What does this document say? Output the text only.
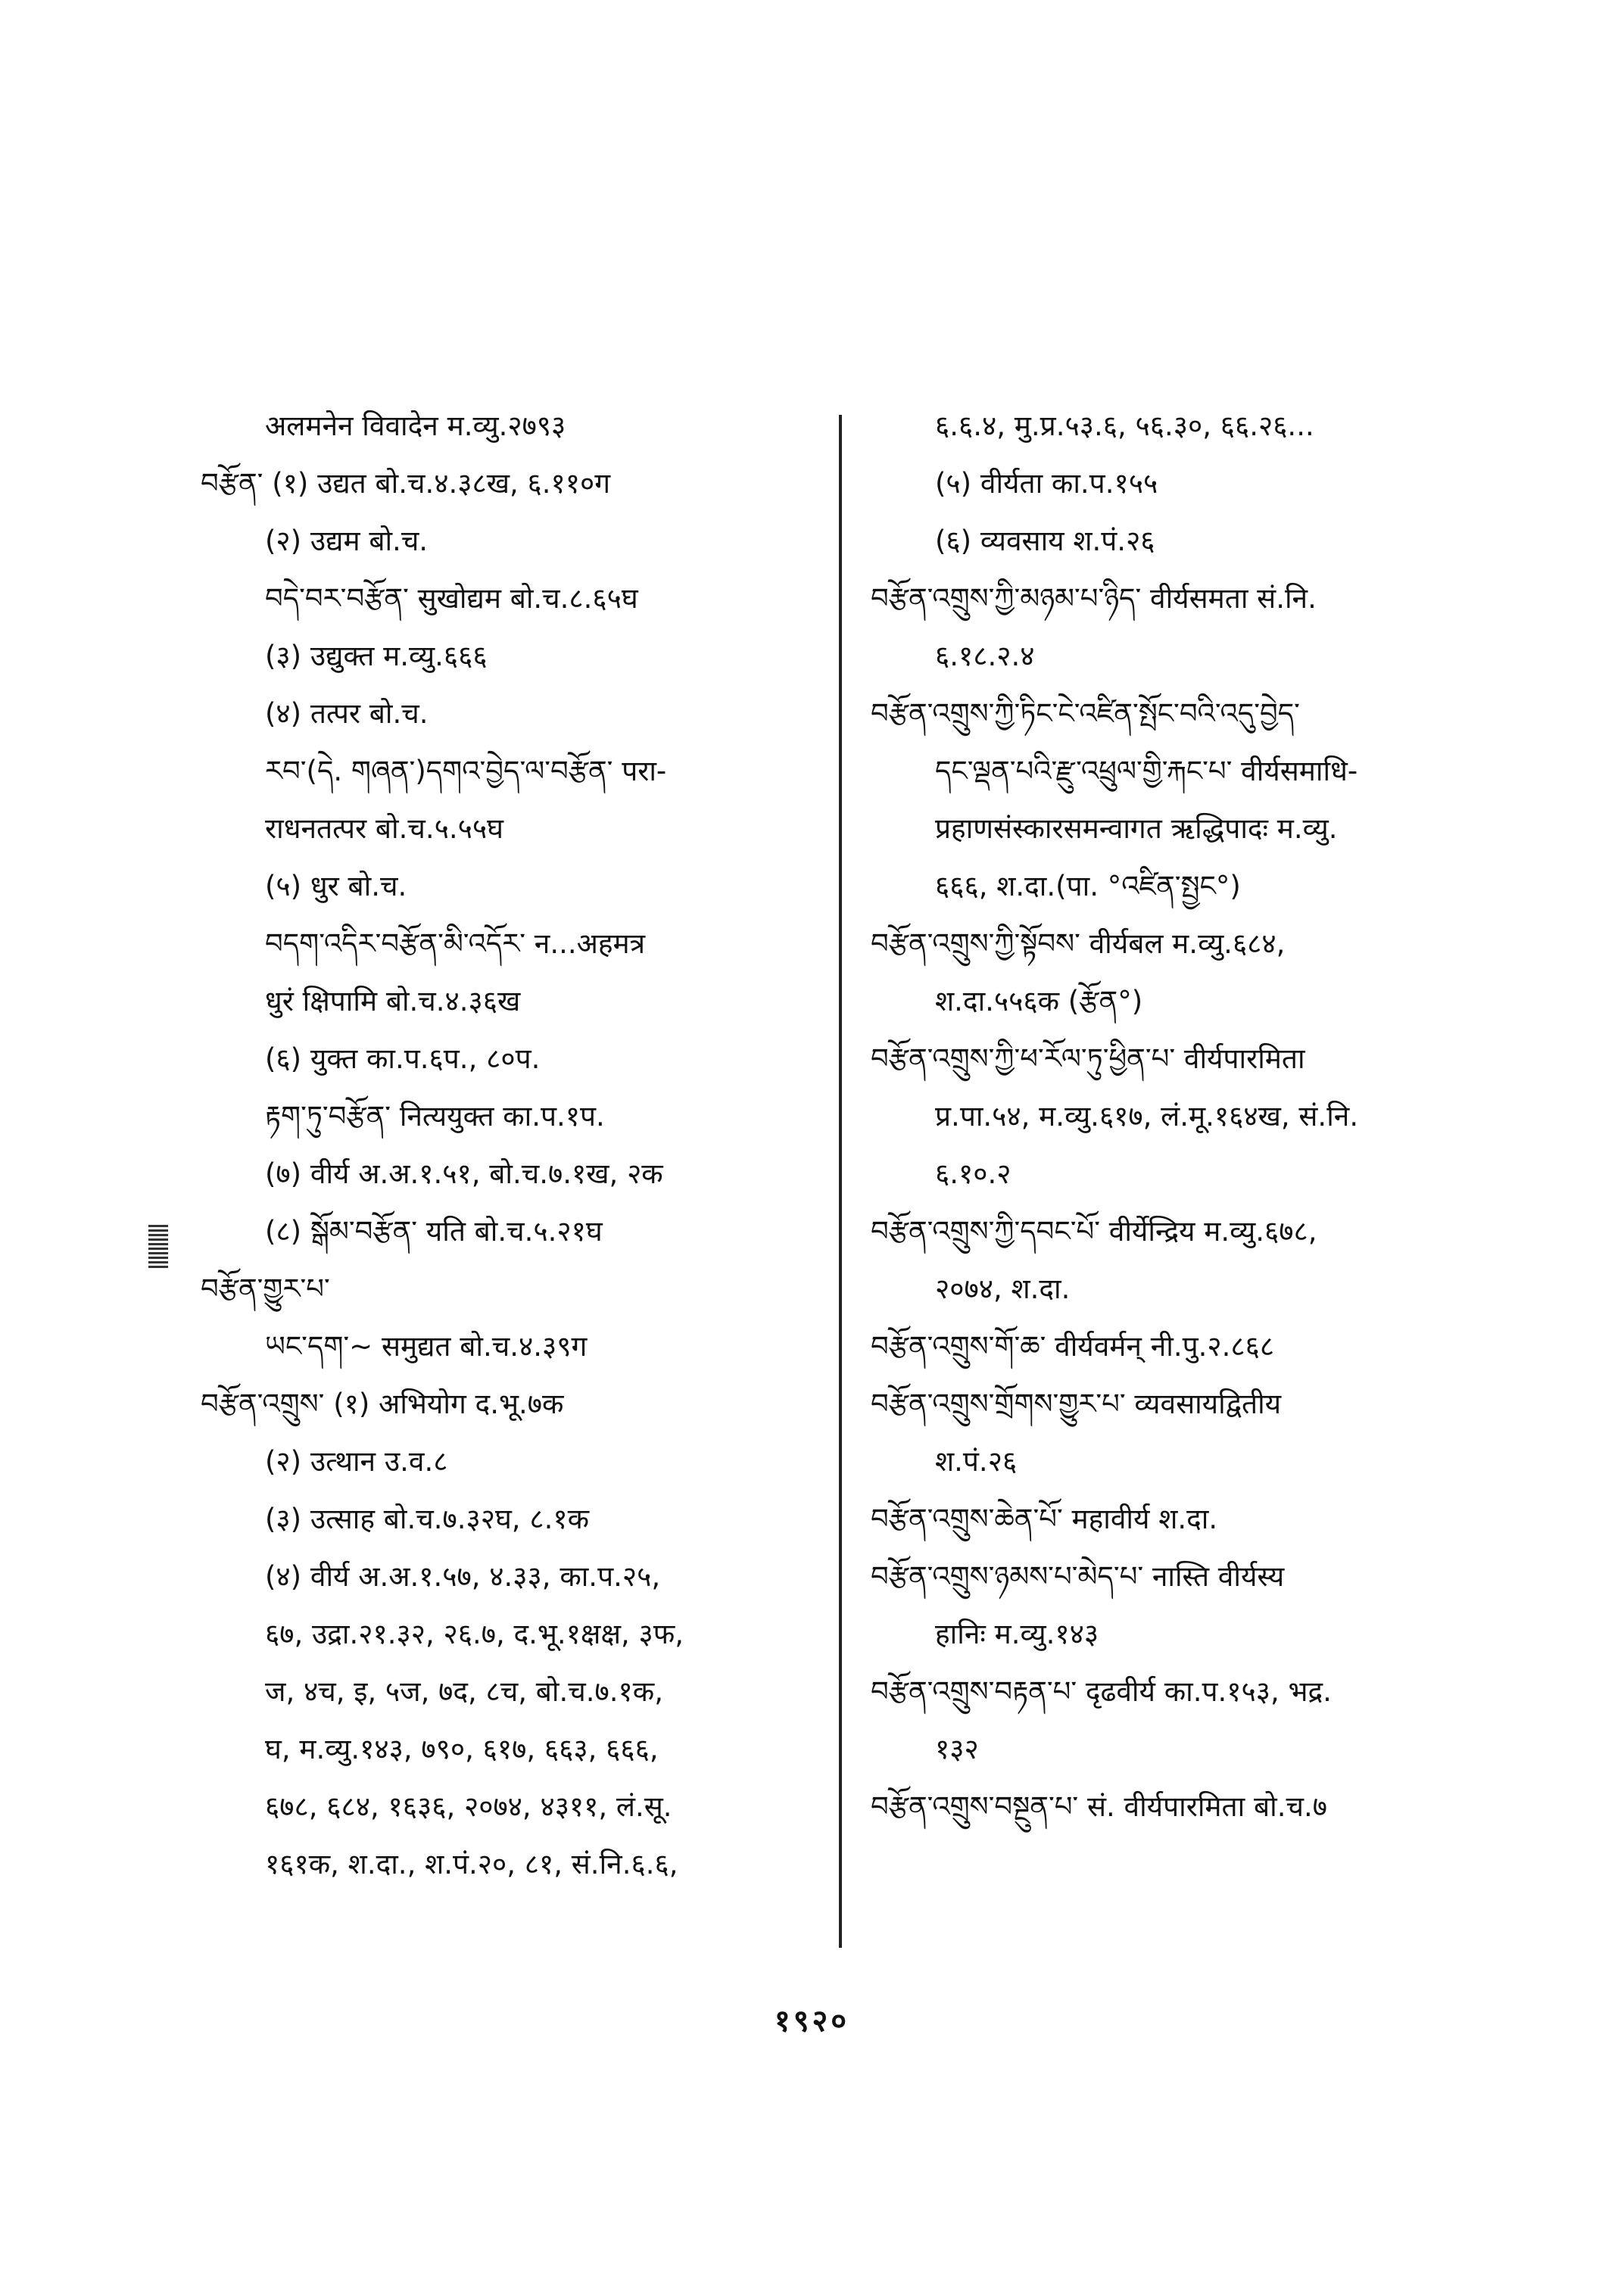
अलमनेन विवादेन म.व्यु.२७९३
བརྩོན་ (१) उद्यत बो.च.४.३८ख, ६.११०ग
(२) उद्यम बो.च.
བདེ་བར་བརྩོན་ सुखोद्यम बो.च.८.६५घ
(३) उद्युक्त म.व्यु.६६६
(४) तत्पर बो.च.
རབ་(དེ. གཞན་)དགའ་བྱེད་ལ་བརྩོན་ परा-
राधनतत्पर बो.च.५.५५घ
(५) धुर बो.च.
བདག་འདིར་བརྩོན་མི་འདོར་ न...अहमत्र
धुरं क्षिपामि बो.च.४.३६ख
(६) युक्त का.प.६प., ८०प.
རྟག་ཏུ་བརྩོན་ नित्ययुक्त का.प.१प.
(७) वीर्य अ.अ.१.५१, बो.च.७.१ख, २क
(८) སྒོམ་བརྩོན་ यति बो.च.५.२१घ
བརྩོན་གྱུར་པ་
ཡང་དག་~ समुद्यत बो.च.४.३९ग
བརྩོན་འགྲུས་ (१) अभियोग द.भू.७क
(२) उत्थान उ.व.८
(३) उत्साह बो.च.७.३२घ, ८.१क
(४) वीर्य अ.अ.१.५७, ४.३३, का.प.२५,
६७, उद्रा.२१.३२, २६.७, द.भू.१क्षक्ष, ३फ,
ज, ४च, इ, ५ज, ७द, ८च, बो.च.७.१क,
घ, म.व्यु.१४३, ७९०, ६१७, ६६३, ६६६,
६७८, ६८४, १६३६, २०७४, ४३११, लं.सू.
१६१क, श.दा., श.पं.२०, ८१, सं.नि.६.६,
६.६.४, मु.प्र.५३.६, ५६.३०, ६६.२६...
(५) वीर्यता का.प.१५५
(६) व्यवसाय श.पं.२६
བརྩོན་འགྲུས་ཀྱི་མཉམ་པ་ཉིད་ वीर्यसमता सं.नि.
६.१८.२.४
བརྩོན་འགྲུས་ཀྱི་ཏིང་ངེ་འཛིན་སྤོང་བའི་འདུ་བྱེད་
དང་ལྡན་པའི་རྫུ་འཕྲུལ་གྱི་རྐང་པ་ वीर्यसमाधि-
प्रहाणसंस्कारसमन्वागत ऋद्धिपादः म.व्यु.
६६६, श.दा.(पा. °འཛིན་སྤྱང°)
བརྩོན་འགྲུས་ཀྱི་སྟོབས་ वीर्यबल म.व्यु.६८४,
श.दा.५५६क (རྩོན°)
བརྩོན་འགྲུས་ཀྱི་ཕ་རོལ་ཏུ་ཕྱིན་པ་ वीर्यपारमिता
प्र.पा.५४, म.व्यु.६१७, लं.मू.१६४ख, सं.नि.
६.१०.२
བརྩོན་འགྲུས་ཀྱི་དབང་པོ་ वीर्येन्द्रिय म.व्यु.६७८,
२०७४, श.दा.
བརྩོན་འགྲུས་གོ་ཆ་ वीर्यवर्मन् नी.पु.२.८६८
བརྩོན་འགྲུས་གྲོགས་གྱུར་པ་ व्यवसायद्वितीय
श.पं.२६
བརྩོན་འགྲུས་ཆེན་པོ་ महावीर्य श.दा.
བརྩོན་འགྲུས་ཉམས་པ་མེད་པ་ नास्ति वीर्यस्य
हानिः म.व्यु.१४३
བརྩོན་འགྲུས་བརྟན་པ་ दृढवीर्य का.प.१५३, भद्र.
१३२
བརྩོན་འགྲུས་བསྔུན་པ་ सं. वीर्यपारमिता बो.च.७
१९२०
